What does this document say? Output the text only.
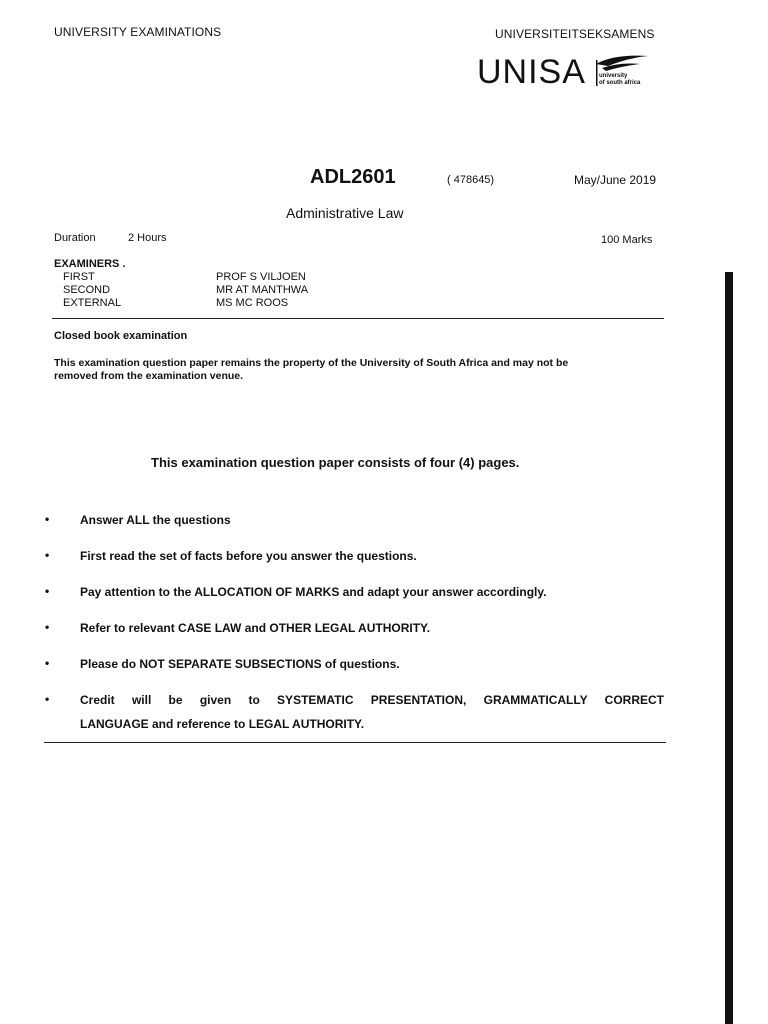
UNIVERSITY EXAMINATIONS	UNIVERSITEITSEKSAMENS
UNISA university
of south africa
ADL2601	( 478645)	May/June 2019
Administrative Law
Duration	2 Hours	100 Marks
EXAMINERS .
FIRST	PROF S VILJOEN
SECOND	MR AT MANTHWA
EXTERNAL	MS MC ROOS
Closed book examination
This examination question paper remains the property of the University of South Africa and may not be
removed from the examination venue.
This examination question paper consists of four (4) pages.
•	Answer ALL the questions
•	First read the set of facts before you answer the questions.
•	Pay attention to the ALLOCATION OF MARKS and adapt your answer accordingly.
•	Refer to relevant CASE LAW and OTHER LEGAL AUTHORITY.
•	Please do NOT SEPARATE SUBSECTIONS of questions.
•	Credit will be given to SYSTEMATIC PRESENTATION, GRAMMATICALLY CORRECT
LANGUAGE and reference to LEGAL AUTHORITY.
